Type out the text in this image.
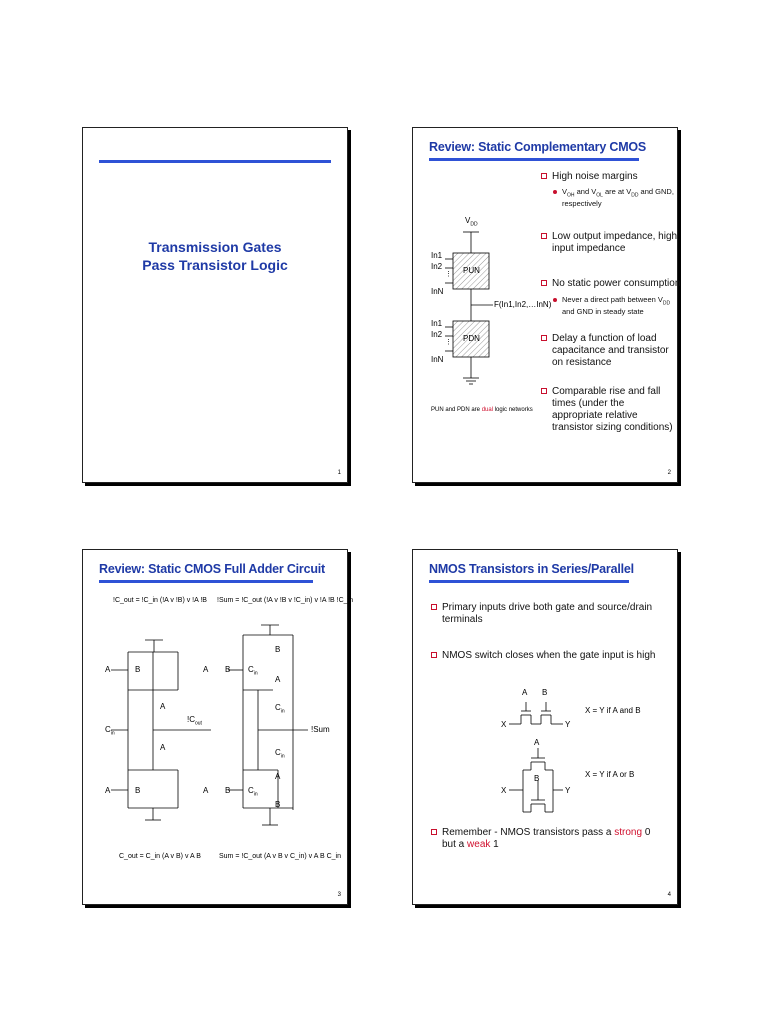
Transmission Gates
Pass Transistor Logic
1
Review: Static Complementary CMOS
$V_{DD}$
In1
In2
⋮
InN
PUN
F(In1,In2,…InN)
In1
In2
⋮
InN
PDN
PUN and PDN are dual logic networks
High noise margins
$V_{OH}$ and $V_{OL}$ are at $V_{DD}$ and GND, respectively
Low output impedance, high input impedance
No static power consumption
Never a direct path between $V_{DD}$ and GND in steady state
Delay a function of load capacitance and transistor on resistance
Comparable rise and fall times (under the appropriate relative transistor sizing conditions)
2
Review: Static CMOS Full Adder Circuit
!C_out = !C_in (!A v !B) v !A !B !Sum = !C_out (!A v !B v !C_in) v !A !B !C_in
A	B
A
$C_{in}$
$!C_{out}$
A
A	B
A B $C_{in}$
B
A
$C_{in}$
!Sum
$C_{in}$
A B $C_{in}$
A
B
C_out = C_in (A v B) v A B	Sum = !C_out (A v B v C_in) v A B C_in
3
NMOS Transistors in Series/Parallel
Primary inputs drive both gate and source/drain terminals
NMOS switch closes when the gate input is high
A B
X	Y
X = Y if A and B
A
B
X	Y
X = Y if A or B
Remember - NMOS transistors pass a strong 0 but a weak 1
4
